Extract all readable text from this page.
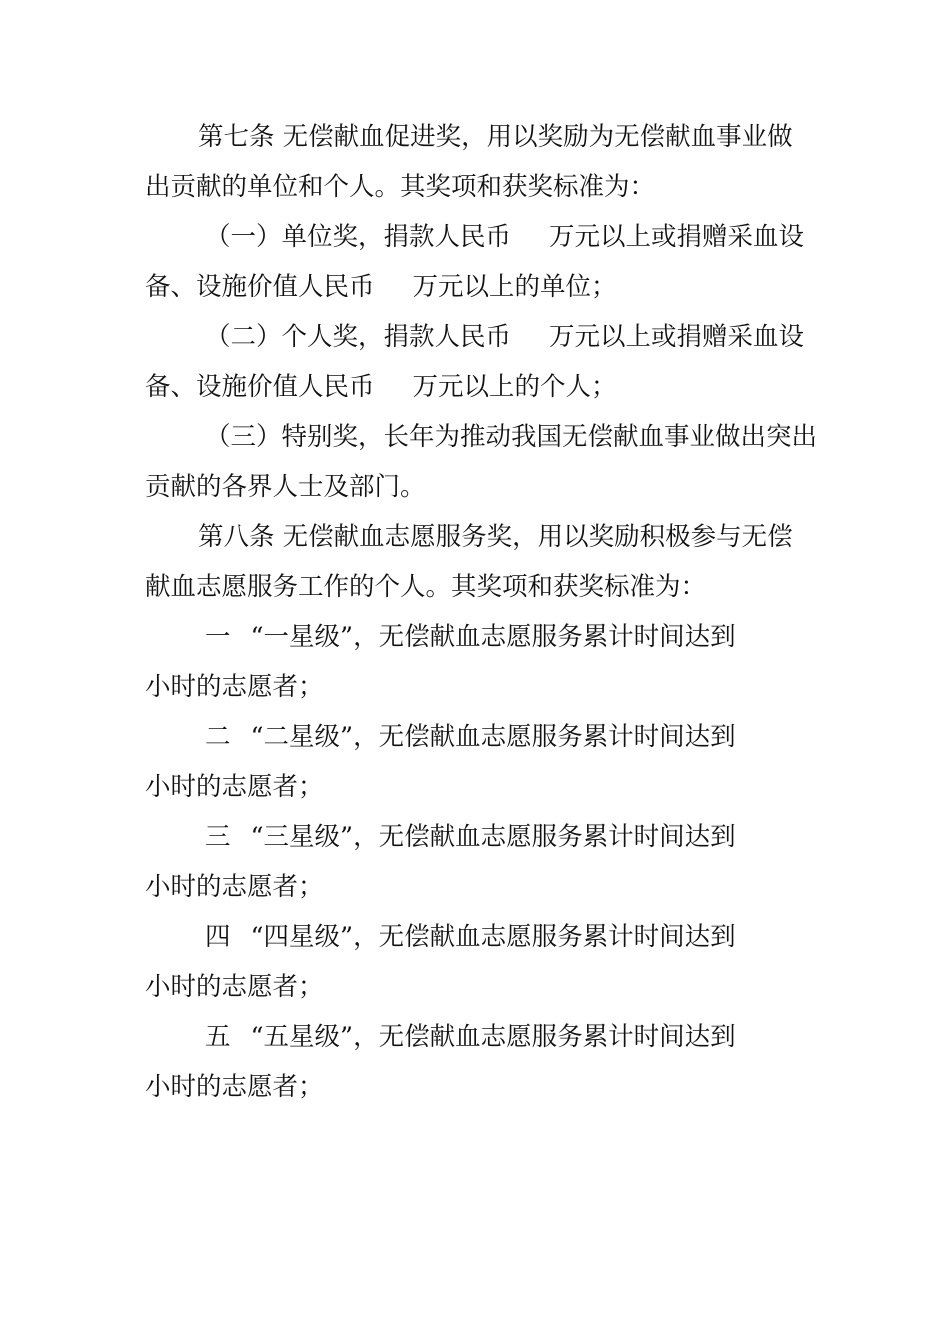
第七条 无偿献血促进奖，用以奖励为无偿献血事业做

出贡献的单位和个人。其奖项和获奖标准为：

（一）单位奖，捐款人民币 万元以上或捐赠采血设

备、设施价值人民币 万元以上的单位；

（二）个人奖，捐款人民币 万元以上或捐赠采血设

备、设施价值人民币 万元以上的个人；

（三）特别奖，长年为推动我国无偿献血事业做出突出

贡献的各界人士及部门。

第八条 无偿献血志愿服务奖，用以奖励积极参与无偿

献血志愿服务工作的个人。其奖项和获奖标准为：

一 “一星级”，无偿献血志愿服务累计时间达到

小时的志愿者；

二 “二星级”，无偿献血志愿服务累计时间达到

小时的志愿者；

三 “三星级”，无偿献血志愿服务累计时间达到

小时的志愿者；

四 “四星级”，无偿献血志愿服务累计时间达到

小时的志愿者；

五 “五星级”，无偿献血志愿服务累计时间达到

小时的志愿者；
